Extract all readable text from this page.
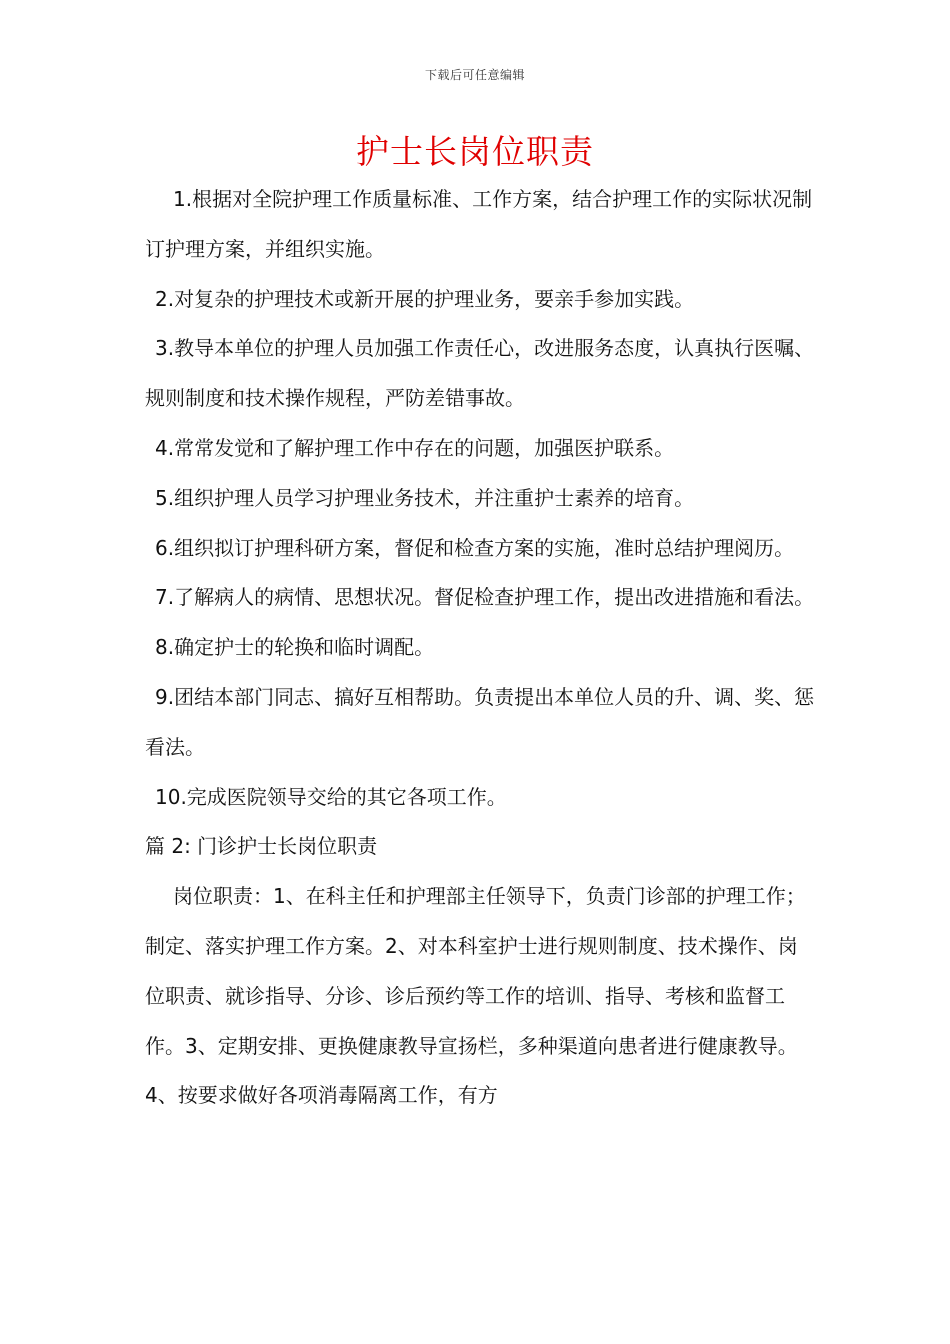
下载后可任意编辑
护士长岗位职责

1.根据对全院护理工作质量标准、工作方案，结合护理工作的实际状况制订护理方案，并组织实施。

2.对复杂的护理技术或新开展的护理业务，要亲手参加实践。

3.教导本单位的护理人员加强工作责任心，改进服务态度，认真执行医嘱、规则制度和技术操作规程，严防差错事故。

4.常常发觉和了解护理工作中存在的问题，加强医护联系。

5.组织护理人员学习护理业务技术，并注重护士素养的培育。

6.组织拟订护理科研方案，督促和检查方案的实施，准时总结护理阅历。

7.了解病人的病情、思想状况。督促检查护理工作，提出改进措施和看法。

8.确定护士的轮换和临时调配。

9.团结本部门同志、搞好互相帮助。负责提出本单位人员的升、调、奖、惩看法。

10.完成医院领导交给的其它各项工作。

篇 2: 门诊护士长岗位职责

岗位职责：1、在科主任和护理部主任领导下，负责门诊部的护理工作；制定、落实护理工作方案。2、对本科室护士进行规则制度、技术操作、岗位职责、就诊指导、分诊、诊后预约等工作的培训、指导、考核和监督工作。3、定期安排、更换健康教导宣扬栏，多种渠道向患者进行健康教导。4、按要求做好各项消毒隔离工作，有方
